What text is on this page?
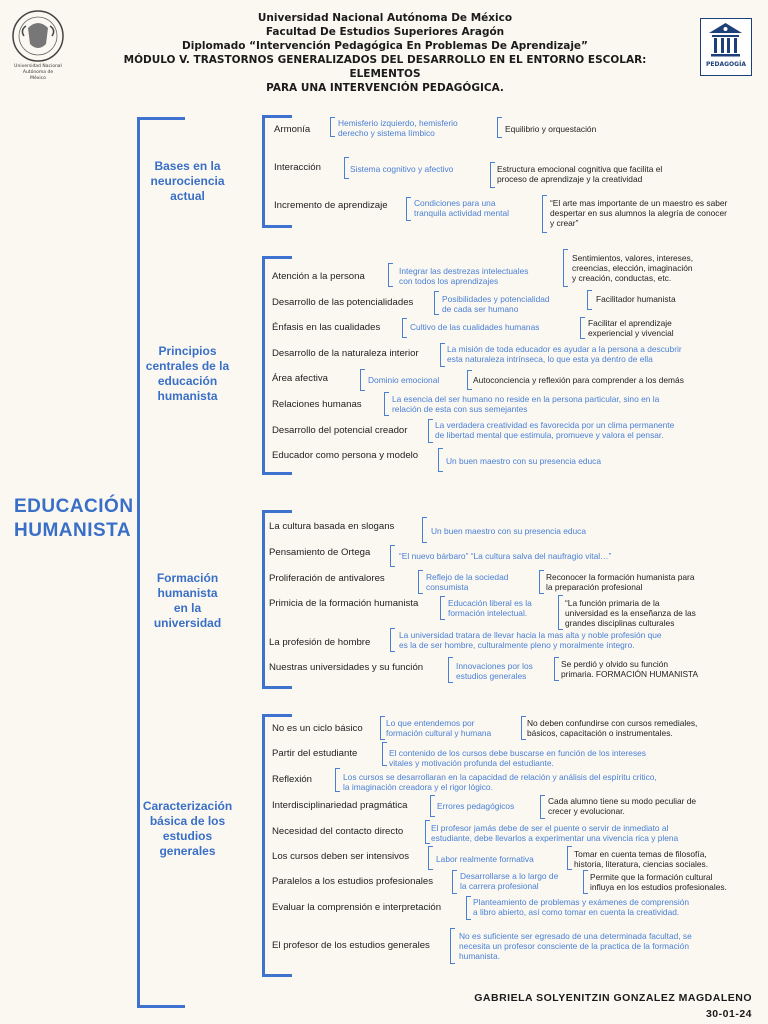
Universidad Nacional Autónoma De México
Facultad De Estudios Superiores Aragón
Diplomado “Intervención Pedagógica En Problemas De Aprendizaje”
MÓDULO V. TRASTORNOS GENERALIZADOS DEL DESARROLLO EN EL ENTORNO ESCOLAR: ELEMENTOS
PARA UNA INTERVENCIÓN PEDAGÓGICA.
Universidad Nacional
Autónoma de
México
PEDAGOGÍA
EDUCACIÓN
HUMANISTA
Bases en la
neurociencia
actual
Principios
centrales de la
educación
humanista
Formación
humanista
en la
universidad
Caracterización
básica de los
estudios
generales
Armonía
Hemisferio izquierdo, hemisferio
derecho y sistema límbico	Equilibrio y orquestación
Interacción	Sistema cognitivo y afectivo	Estructura emocional cognitiva que facilita el
proceso de aprendizaje y la creatividad
Incremento de aprendizaje	Condiciones para una
tranquila actividad mental
“El arte mas importante de un maestro es saber
despertar en sus alumnos la alegría de conocer
y crear”
Atención a la persona	Integrar las destrezas intelectuales
con todos los aprendizajes
Sentimientos, valores, intereses,
creencias, elección, imaginación
y creación, conductas, etc.
Desarrollo de las potencialidades	Posibilidades y potencialidad
de cada ser humano
Facilitador humanista
Énfasis en las cualidades	Cultivo de las cualidades humanas	Facilitar el aprendizaje
experiencial y vivencial
Desarrollo de la naturaleza interior	La misión de toda educador es ayudar a la persona a descubrir
esta naturaleza intrínseca, lo que esta ya dentro de ella
Área afectiva	Dominio emocional	Autoconciencia y reflexión para comprender a los demás
Relaciones humanas	La esencia del ser humano no reside en la persona particular, sino en la
relación de esta con sus semejantes
Desarrollo del potencial creador	La verdadera creatividad es favorecida por un clima permanente
de libertad mental que estimula, promueve y valora el pensar.
Educador como persona y modelo	Un buen maestro con su presencia educa
La cultura basada en slogans	Un buen maestro con su presencia educa
Pensamiento de Ortega	“El nuevo bárbaro” “La cultura salva del naufragio vital…”
Proliferación de antivalores	Reflejo de la sociedad
consumista
Reconocer la formación humanista para
la preparación profesional
Primicia de la formación humanista	Educación liberal es la
formación intelectual.
“La función primaria de la
universidad es la enseñanza de las
grandes disciplinas culturales
La profesión de hombre
La universidad tratara de llevar hacia la mas alta y noble profesión que
es la de ser hombre, culturalmente pleno y moralmente íntegro.
Nuestras universidades y su función	Innovaciones por los
estudios generales
Se perdió y olvido su función
primaria. FORMACIÓN HUMANISTA
No es un ciclo básico	Lo que entendemos por
formación cultural y humana
No deben confundirse con cursos remediales,
básicos, capacitación o instrumentales.
Partir del estudiante	El contenido de los cursos debe buscarse en función de los intereses
vitales y motivación profunda del estudiante.
Reflexión	Los cursos se desarrollaran en la capacidad de relación y análisis del espíritu critico,
la imaginación creadora y el rigor lógico.
Interdisciplinariedad pragmática	Errores pedagógicos	Cada alumno tiene su modo peculiar de
crecer y evolucionar.
Necesidad del contacto directo	El profesor jamás debe de ser el puente o servir de inmediato al
estudiante, debe llevarlos a experimentar una vivencia rica y plena
Los cursos deben ser intensivos	Labor realmente formativa	Tomar en cuenta temas de filosofía,
historia, literatura, ciencias sociales.
Paralelos a los estudios profesionales	Desarrollarse a lo largo de
la carrera profesional
Permite que la formación cultural
influya en los estudios profesionales.
Evaluar la comprensión e interpretación	Planteamiento de problemas y exámenes de comprensión
a libro abierto, así como tomar en cuenta la creatividad.
El profesor de los estudios generales
No es suficiente ser egresado de una determinada facultad, se
necesita un profesor consciente de la practica de la formación
humanista.
GABRIELA SOLYENITZIN GONZALEZ MAGDALENO
30-01-24
